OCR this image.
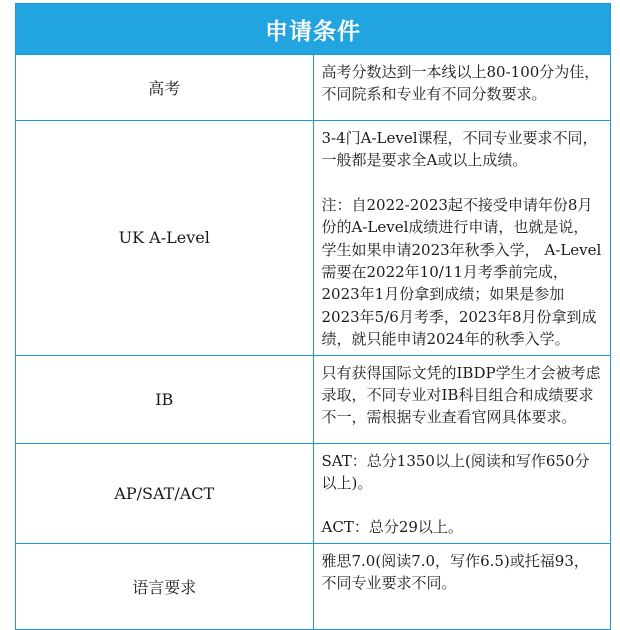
申请条件	
高考	高考分数达到一本线以上80-100分为佳，不同院系和专业有不同分数要求。

UK A-Level	3-4门A-Level课程，不同专业要求不同，一般都是要求全A或以上成绩。
注：自2022-2023起不接受申请年份8月份的A-Level成绩进行申请，也就是说，学生如果申请2023年秋季入学， A-Level需要在2022年10/11月考季前完成，2023年1月份拿到成绩；如果是参加2023年5/6月考季，2023年8月份拿到成绩，就只能申请2024年的秋季入学。

IB	只有获得国际文凭的IBDP学生才会被考虑录取，不同专业对IB科目组合和成绩要求不一，需根据专业查看官网具体要求。

AP/SAT/ACT	SAT：总分1350以上(阅读和写作650分以上)。
ACT：总分29以上。

语言要求	雅思7.0(阅读7.0，写作6.5)或托福93，不同专业要求不同。
